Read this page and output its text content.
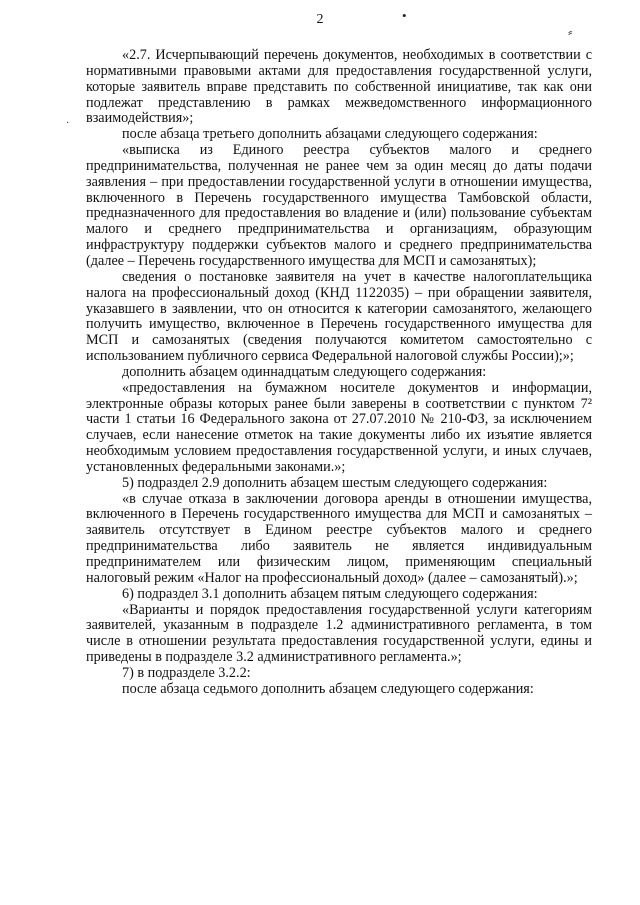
2	•
⸗
·

«2.7. Исчерпывающий перечень документов, необходимых в соответствии с нормативными правовыми актами для предоставления государственной услуги, которые заявитель вправе представить по собственной инициативе, так как они подлежат представлению в рамках межведомственного информационного взаимодействия»;

после абзаца третьего дополнить абзацами следующего содержания:

«выписка из Единого реестра субъектов малого и среднего предпринимательства, полученная не ранее чем за один месяц до даты подачи заявления – при предоставлении государственной услуги в отношении имущества, включенного в Перечень государственного имущества Тамбовской области, предназначенного для предоставления во владение и (или) пользование субъектам малого и среднего предпринимательства и организациям, образующим инфраструктуру поддержки субъектов малого и среднего предпринимательства (далее – Перечень государственного имущества для МСП и самозанятых);

сведения о постановке заявителя на учет в качестве налогоплательщика налога на профессиональный доход (КНД 1122035) – при обращении заявителя, указавшего в заявлении, что он относится к категории самозанятого, желающего получить имущество, включенное в Перечень государственного имущества для МСП и самозанятых (сведения получаются комитетом самостоятельно с использованием публичного сервиса Федеральной налоговой службы России);»;

дополнить абзацем одиннадцатым следующего содержания:

«предоставления на бумажном носителе документов и информации, электронные образы которых ранее были заверены в соответствии с пунктом 7² части 1 статьи 16 Федерального закона от 27.07.2010 № 210-ФЗ, за исключением случаев, если нанесение отметок на такие документы либо их изъятие является необходимым условием предоставления государственной услуги, и иных случаев, установленных федеральными законами.»;

5) подраздел 2.9 дополнить абзацем шестым следующего содержания:

«в случае отказа в заключении договора аренды в отношении имущества, включенного в Перечень государственного имущества для МСП и самозанятых – заявитель отсутствует в Едином реестре субъектов малого и среднего предпринимательства либо заявитель не является индивидуальным предпринимателем или физическим лицом, применяющим специальный налоговый режим «Налог на профессиональный доход» (далее – самозанятый).»;

6) подраздел 3.1 дополнить абзацем пятым следующего содержания:

«Варианты и порядок предоставления государственной услуги категориям заявителей, указанным в подразделе 1.2 административного регламента, в том числе в отношении результата предоставления государственной услуги, едины и приведены в подразделе 3.2 административного регламента.»;

7) в подразделе 3.2.2:

после абзаца седьмого дополнить абзацем следующего содержания:
